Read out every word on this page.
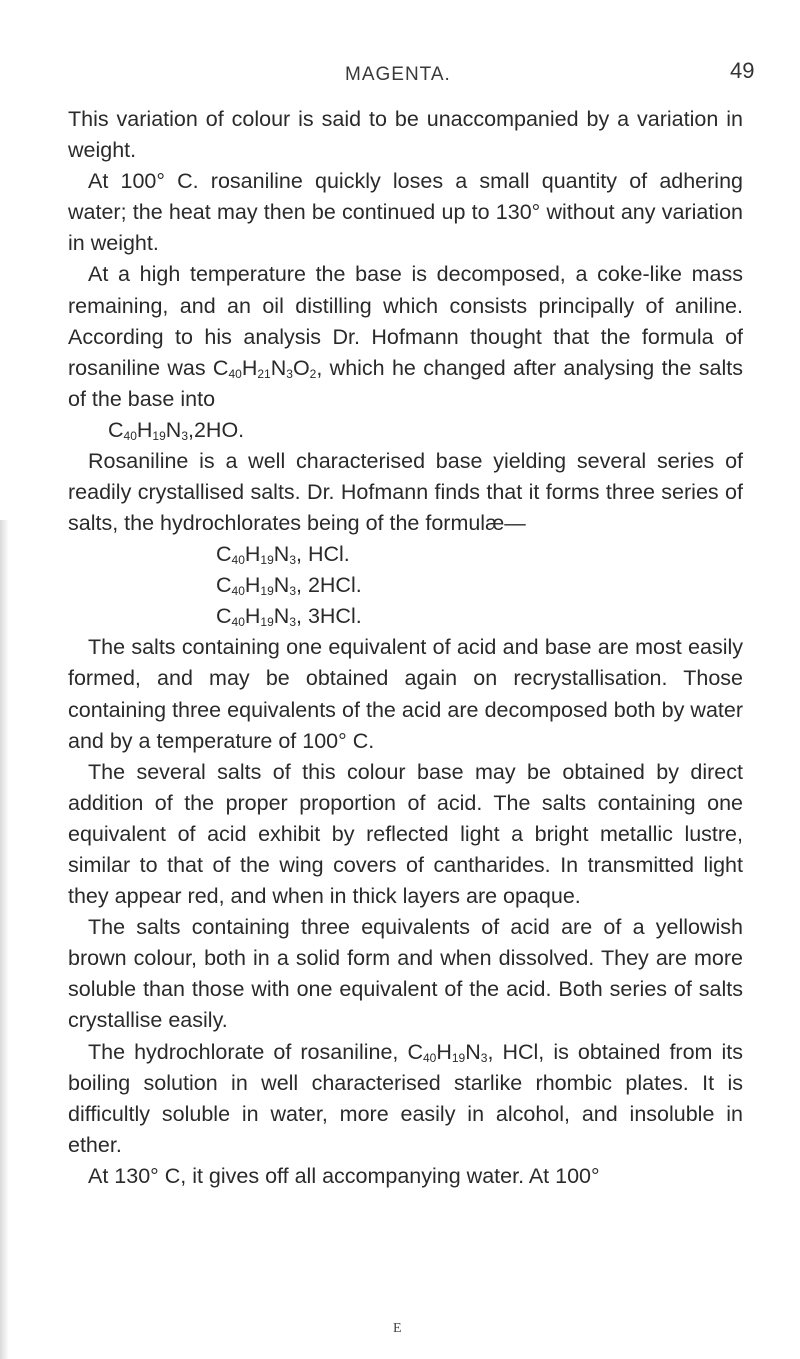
MAGENTA.	49

This variation of colour is said to be unaccompanied by a variation in weight.

At 100° C. rosaniline quickly loses a small quantity of adhering water; the heat may then be continued up to 130° without any variation in weight.

At a high temperature the base is decomposed, a coke-like mass remaining, and an oil distilling which consists principally of aniline. According to his analysis Dr. Hofmann thought that the formula of rosaniline was $C_{40}H_{21}N_3O_2$, which he changed after analysing the salts of the base into

$C_{40}H_{19}N_3,2HO$.

Rosaniline is a well characterised base yielding several series of readily crystallised salts. Dr. Hofmann finds that it forms three series of salts, the hydrochlorates being of the formulæ—

$C_{40}H_{19}N_3$, HCl.
$C_{40}H_{19}N_3$, 2HCl.
$C_{40}H_{19}N_3$, 3HCl.

The salts containing one equivalent of acid and base are most easily formed, and may be obtained again on recrystallisation. Those containing three equivalents of the acid are decomposed both by water and by a temperature of 100° C.

The several salts of this colour base may be obtained by direct addition of the proper proportion of acid. The salts containing one equivalent of acid exhibit by reflected light a bright metallic lustre, similar to that of the wing covers of cantharides. In transmitted light they appear red, and when in thick layers are opaque.

The salts containing three equivalents of acid are of a yellowish brown colour, both in a solid form and when dissolved. They are more soluble than those with one equivalent of the acid. Both series of salts crystallise easily.

The hydrochlorate of rosaniline, $C_{40}H_{19}N_3$, HCl, is obtained from its boiling solution in well characterised starlike rhombic plates. It is difficultly soluble in water, more easily in alcohol, and insoluble in ether.

At 130° C, it gives off all accompanying water. At 100°

E
